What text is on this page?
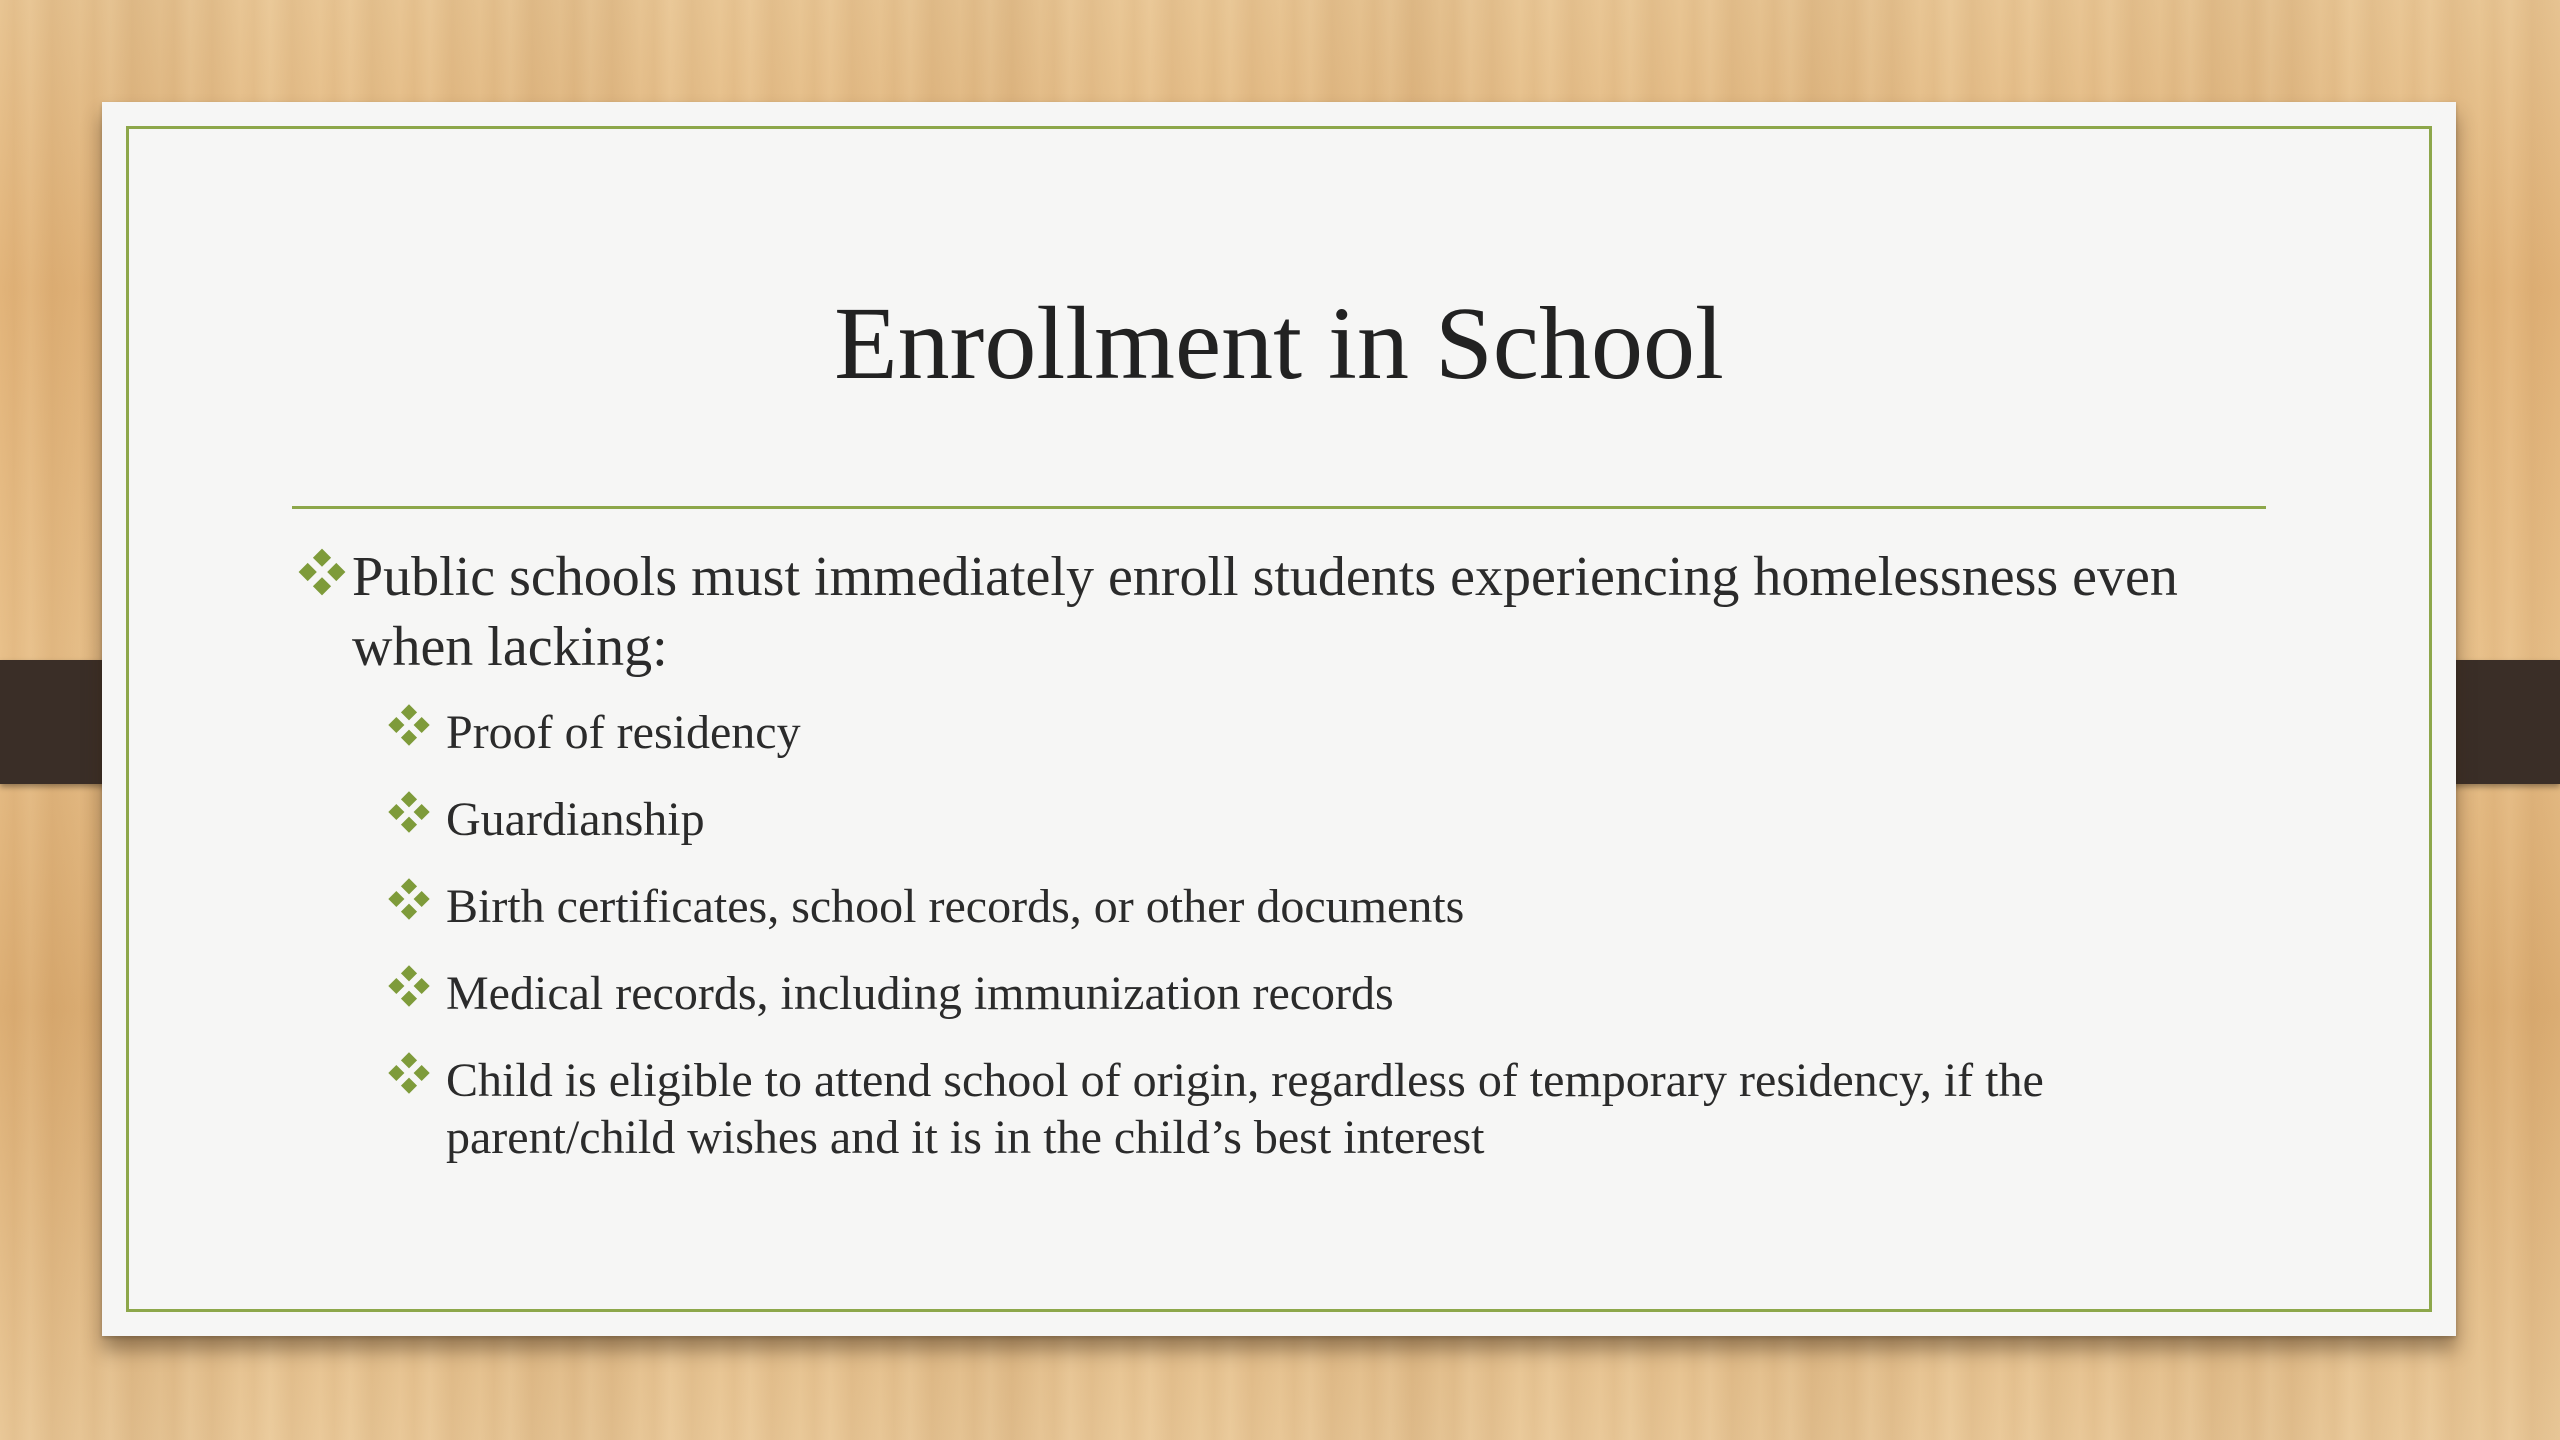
Enrollment in School
Public schools must immediately enroll students experiencing homelessness even when lacking:
Proof of residency
Guardianship
Birth certificates, school records, or other documents
Medical records, including immunization records
Child is eligible to attend school of origin, regardless of temporary residency, if the parent/child wishes and it is in the child’s best interest
